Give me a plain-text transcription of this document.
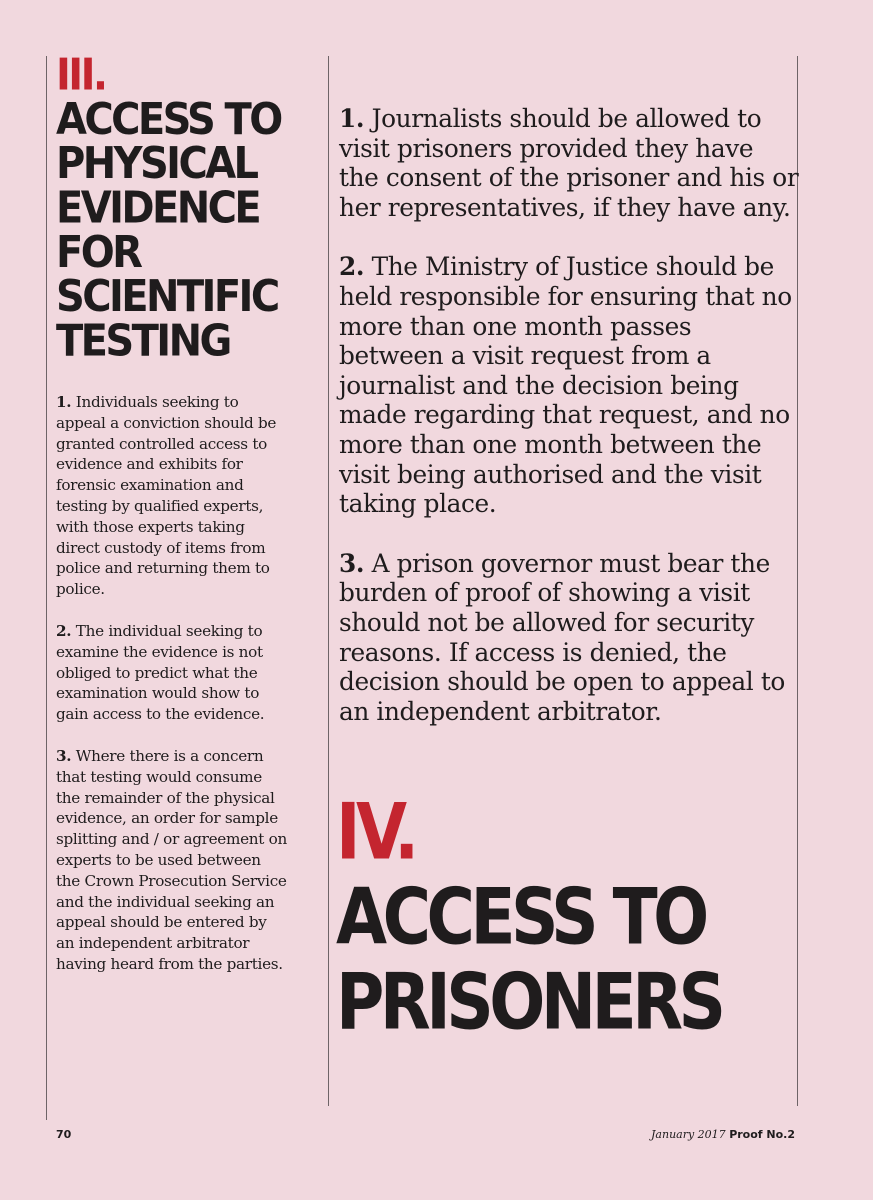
III.
ACCESS TO
PHYSICAL
EVIDENCE
FOR
SCIENTIFIC
TESTING

1. Individuals seeking to appeal a conviction should be granted controlled access to evidence and exhibits for forensic examination and testing by qualified experts, with those experts taking direct custody of items from police and returning them to police.

2. The individual seeking to examine the evidence is not obliged to predict what the examination would show to gain access to the evidence.

3. Where there is a concern that testing would consume the remainder of the physical evidence, an order for sample splitting and / or agreement on experts to be used between the Crown Prosecution Service and the individual seeking an appeal should be entered by an independent arbitrator having heard from the parties.

1. Journalists should be allowed to visit prisoners provided they have the consent of the prisoner and his or her representatives, if they have any.

2. The Ministry of Justice should be held responsible for ensuring that no more than one month passes between a visit request from a journalist and the decision being made regarding that request, and no more than one month between the visit being authorised and the visit taking place.

3. A prison governor must bear the burden of proof of showing a visit should not be allowed for security reasons. If access is denied, the decision should be open to appeal to an independent arbitrator.

IV.
ACCESS TO
PRISONERS
70	January 2017 Proof No.2
